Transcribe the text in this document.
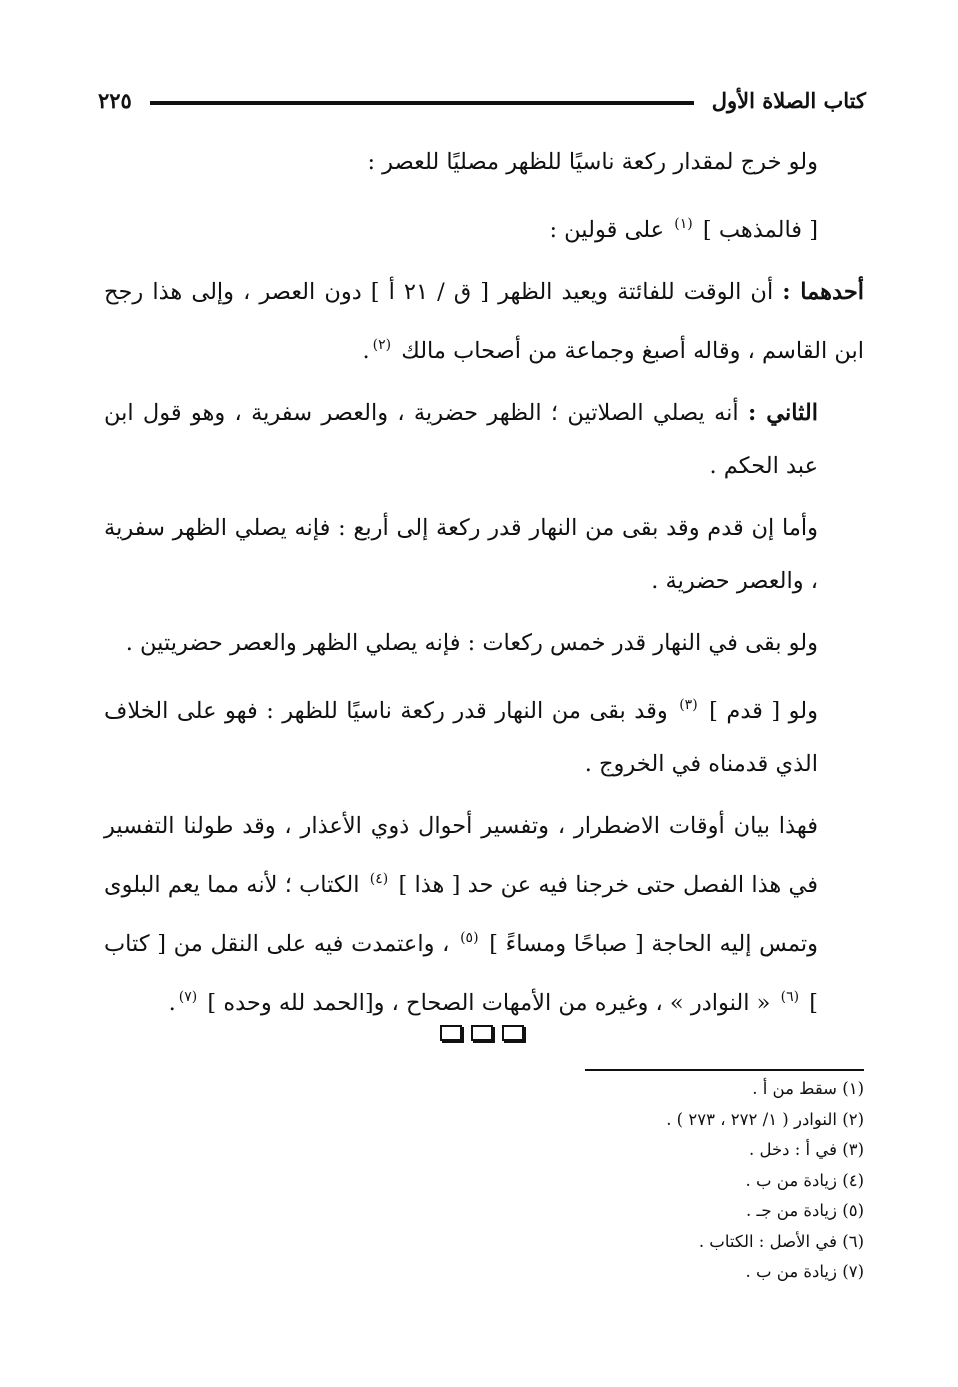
كتاب الصلاة الأول
٢٢٥

ولو خرج لمقدار ركعة ناسيًا للظهر مصليًا للعصر :

[ فالمذهب ] $^{(١)}$ على قولين :

أحدهما : أن الوقت للفائتة ويعيد الظهر [ ق / ٢١ أ ] دون العصر ، وإلى هذا رجح ابن القاسم ، وقاله أصبغ وجماعة من أصحاب مالك $^{(٢)}$.

الثاني : أنه يصلي الصلاتين ؛ الظهر حضرية ، والعصر سفرية ، وهو قول ابن عبد الحكم .

وأما إن قدم وقد بقى من النهار قدر ركعة إلى أربع : فإنه يصلي الظهر سفرية ، والعصر حضرية .

ولو بقى في النهار قدر خمس ركعات : فإنه يصلي الظهر والعصر حضريتين .

ولو [ قدم ] $^{(٣)}$ وقد بقى من النهار قدر ركعة ناسيًا للظهر : فهو على الخلاف الذي قدمناه في الخروج .

فهذا بيان أوقات الاضطرار ، وتفسير أحوال ذوي الأعذار ، وقد طولنا التفسير في هذا الفصل حتى خرجنا فيه عن حد [ هذا ] $^{(٤)}$ الكتاب ؛ لأنه مما يعم البلوى وتمس إليه الحاجة [ صباحًا ومساءً ] $^{(٥)}$ ، واعتمدت فيه على النقل من [ كتاب ] $^{(٦)}$ « النوادر » ، وغيره من الأمهات الصحاح ، و[الحمد لله وحده ] $^{(٧)}$.

(١) سقط من أ .
(٢) النوادر ( ١/ ٢٧٢ ، ٢٧٣ ) .
(٣) في أ : دخل .
(٤) زيادة من ب .
(٥) زيادة من جـ .
(٦) في الأصل : الكتاب .
(٧) زيادة من ب .
